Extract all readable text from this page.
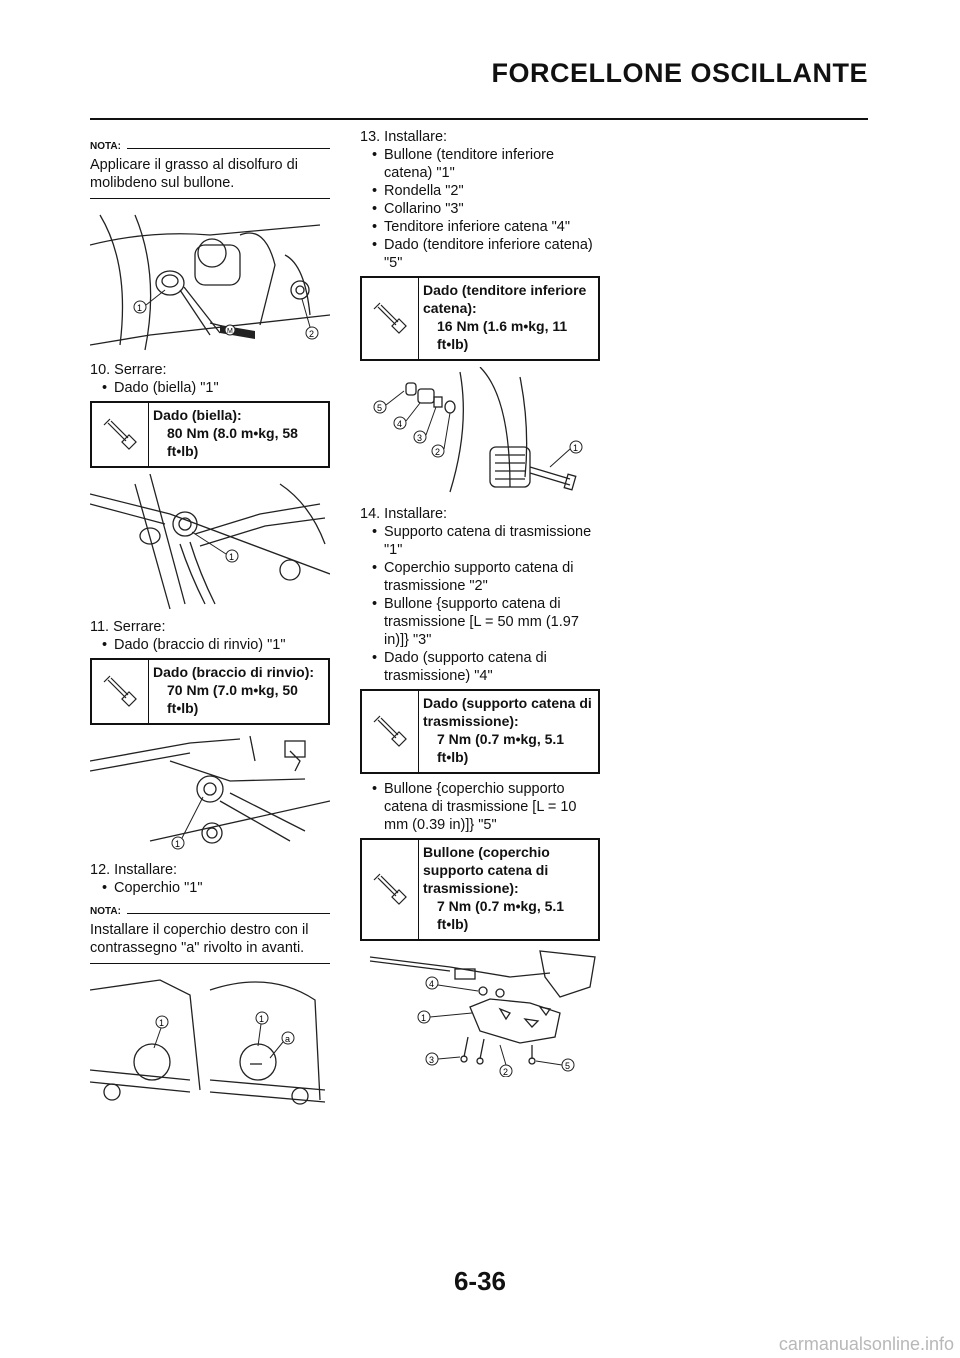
FORCELLONE OSCILLANTE
NOTA:
Applicare il grasso al disolfuro di molibdeno sul bullone.
1
2
M
10. Serrare:
• Dado (biella) "1"
Dado (biella):
80 Nm (8.0 m•kg, 58 ft•lb)
1
11. Serrare:
• Dado (braccio di rinvio) "1"
Dado (braccio di rinvio):
70 Nm (7.0 m•kg, 50 ft•lb)
1
12. Installare:
• Coperchio "1"
NOTA:
Installare il coperchio destro con il contrassegno "a" rivolto in avanti.
1	1
a
13. Installare:
• Bullone (tenditore inferiore catena) "1"
• Rondella "2"
• Collarino "3"
• Tenditore inferiore catena "4"
• Dado (tenditore inferiore catena) "5"
Dado (tenditore inferiore catena):
16 Nm (1.6 m•kg, 11 ft•lb)
5
4
3
2	1
14. Installare:
• Supporto catena di trasmissione "1"
• Coperchio supporto catena di trasmissione "2"
• Bullone {supporto catena di trasmissione [L = 50 mm (1.97 in)]} "3"
• Dado (supporto catena di trasmissione) "4"
Dado (supporto catena di trasmissione):
7 Nm (0.7 m•kg, 5.1 ft•lb)
• Bullone {coperchio supporto catena di trasmissione [L = 10 mm (0.39 in)]} "5"
Bullone (coperchio supporto catena di trasmissione):
7 Nm (0.7 m•kg, 5.1 ft•lb)
4
1
3
2
5
6-36
carmanualsonline.info
